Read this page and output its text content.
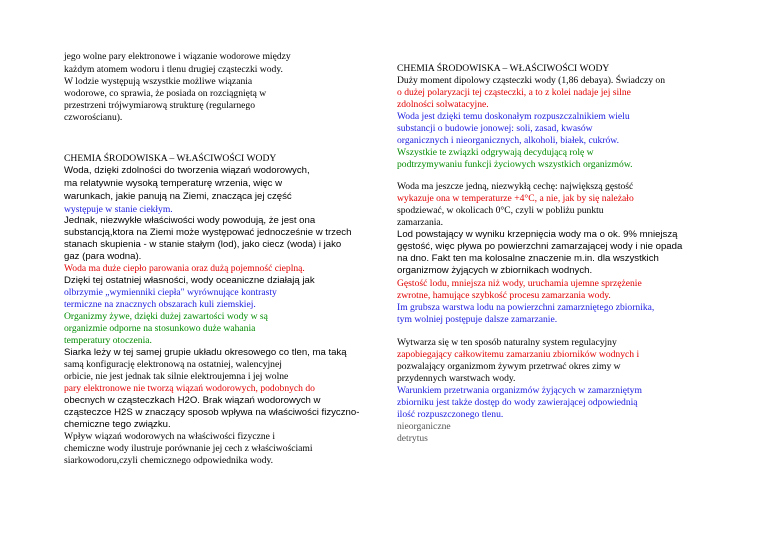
jego wolne pary elektronowe i wiązanie wodorowe między
każdym atomem wodoru i tlenu drugiej cząsteczki wody.
W lodzie występują wszystkie możliwe wiązania
wodorowe, co sprawia, że posiada on rozciągniętą w
przestrzeni trójwymiarową strukturę (regularnego
czworościanu).
CHEMIA ŚRODOWISKA – WŁAŚCIWOŚCI WODY
Woda, dzięki zdolności do tworzenia wiązań wodorowych,
ma relatywnie wysoką temperaturę wrzenia, więc w
warunkach, jakie panują na Ziemi, znacząca jej część
występuje w stanie ciekłym.
Jednak, niezwykłe właściwości wody powodują, że jest ona
substancją,ktora na Ziemi może występować jednocześnie w trzech
stanach skupienia - w stanie stałym (lod), jako ciecz (woda) i jako
gaz (para wodna).
Woda ma duże ciepło parowania oraz dużą pojemność cieplną.
Dzięki tej ostatniej własności, wody oceaniczne działają jak
olbrzymie „wymienniki ciepła" wyrównujące kontrasty
termiczne na znacznych obszarach kuli ziemskiej.
Organizmy żywe, dzięki dużej zawartości wody w są
organizmie odporne na stosunkowo duże wahania
temperatury otoczenia.
Siarka leży w tej samej grupie układu okresowego co tlen, ma taką
samą konfigurację elektronową na ostatniej, walencyjnej
orbicie, nie jest jednak tak silnie elektroujemna i jej wolne
pary elektronowe nie tworzą wiązań wodorowych, podobnych do
obecnych w cząsteczkach H2O. Brak wiązań wodorowych w
cząsteczce H2S w znaczący sposob wpływa na właściwości fizyczno-
chemiczne tego związku.
Wpływ wiązań wodorowych na właściwości fizyczne i
chemiczne wody ilustruje porównanie jej cech z właściwościami
siarkowodoru,czyli chemicznego odpowiednika wody.
CHEMIA ŚRODOWISKA – WŁAŚCIWOŚCI WODY
Duży moment dipolowy cząsteczki wody (1,86 debaya). Świadczy on
o dużej polaryzacji tej cząsteczki, a to z kolei nadaje jej silne
zdolności solwatacyjne.
Woda jest dzięki temu doskonałym rozpuszczalnikiem wielu
substancji o budowie jonowej: soli, zasad, kwasów
organicznych i nieorganicznych, alkoholi, białek, cukrów.
Wszystkie te związki odgrywają decydującą rolę w
podtrzymywaniu funkcji życiowych wszystkich organizmów.
Woda ma jeszcze jedną, niezwykłą cechę: największą gęstość
wykazuje ona w temperaturze +4°C, a nie, jak by się należało
spodziewać, w okolicach 0°C, czyli w pobliżu punktu
zamarzania.
Lod powstający w wyniku krzepnięcia wody ma o ok. 9% mniejszą
gęstość, więc pływa po powierzchni zamarzającej wody i nie opada
na dno. Fakt ten ma kolosalne znaczenie m.in. dla wszystkich
organizmow żyjących w zbiornikach wodnych.
Gęstość lodu, mniejsza niż wody, uruchamia ujemne sprzężenie
zwrotne, hamujące szybkość procesu zamarzania wody.
Im grubsza warstwa lodu na powierzchni zamarzniętego zbiornika,
tym wolniej postępuje dalsze zamarzanie.
Wytwarza się w ten sposób naturalny system regulacyjny
zapobiegający całkowitemu zamarzaniu zbiorników wodnych i
pozwalający organizmom żywym przetrwać okres zimy w
przydennych warstwach wody.
Warunkiem przetrwania organizmów żyjących w zamarzniętym
zbiorniku jest także dostęp do wody zawierającej odpowiednią
ilość rozpuszczonego tlenu.
nieorganiczne
detrytus
